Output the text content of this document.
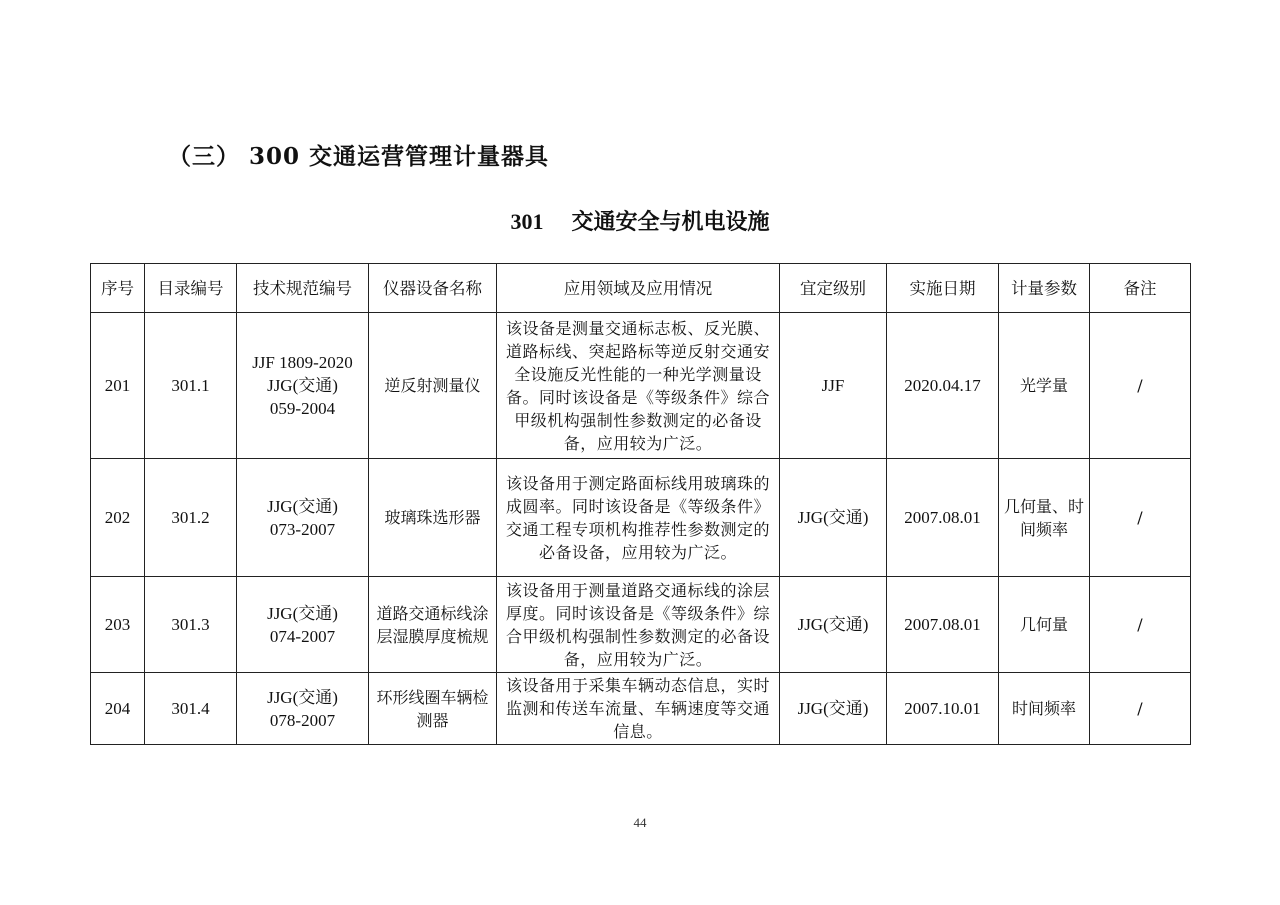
（三） 300 交通运营管理计量器具
301 交通安全与机电设施
序号	目录编号	技术规范编号	仪器设备名称	应用领域及应用情况	宜定级别	实施日期	计量参数	备注
201	301.1	JJF 1809-2020
JJG(交通)
059-2004	逆反射测量仪	该设备是测量交通标志板、反光膜、道路标线、突起路标等逆反射交通安全设施反光性能的一种光学测量设备。同时该设备是《等级条件》综合甲级机构强制性参数测定的必备设备，应用较为广泛。	JJF	2020.04.17	光学量	/
202	301.2	JJG(交通)
073-2007	玻璃珠选形器	该设备用于测定路面标线用玻璃珠的成圆率。同时该设备是《等级条件》交通工程专项机构推荐性参数测定的必备设备，应用较为广泛。	JJG(交通)	2007.08.01	几何量、时间频率	/
203	301.3	JJG(交通)
074-2007	道路交通标线涂层湿膜厚度梳规	该设备用于测量道路交通标线的涂层厚度。同时该设备是《等级条件》综合甲级机构强制性参数测定的必备设备，应用较为广泛。	JJG(交通)	2007.08.01	几何量	/
204	301.4	JJG(交通)
078-2007	环形线圈车辆检测器	该设备用于采集车辆动态信息，实时监测和传送车流量、车辆速度等交通信息。	JJG(交通)	2007.10.01	时间频率	/
44
